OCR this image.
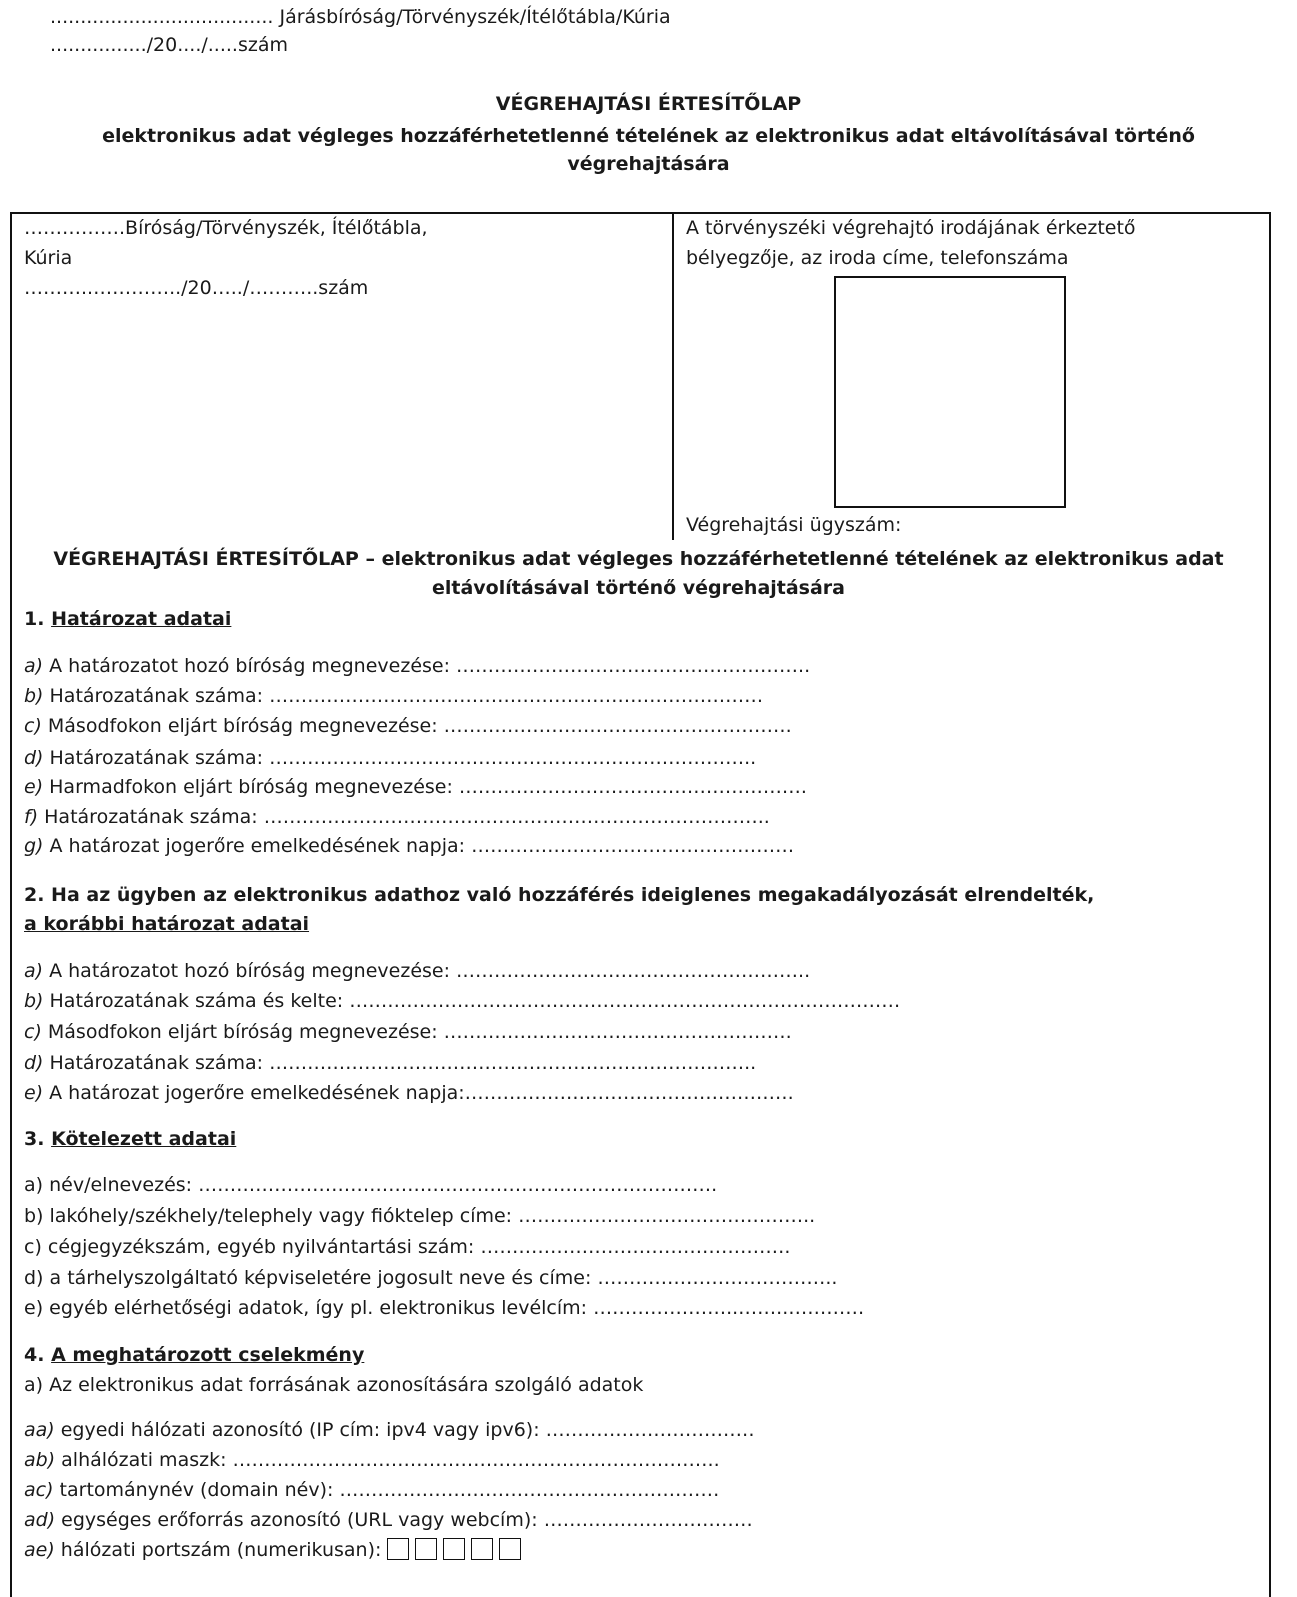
..................................... Járásbíróság/Törvényszék/Ítélőtábla/Kúria
................/20..../.....szám
VÉGREHAJTÁSI ÉRTESÍTŐLAP
elektronikus adat végleges hozzáférhetetlenné tételének az elektronikus adat eltávolításával történő
végrehajtására
…………….Bíróság/Törvényszék, Ítélőtábla,
Kúria
………..…………../20…../………..szám
A törvényszéki végrehajtó irodájának érkeztető
bélyegzője, az iroda címe, telefonszáma
Végrehajtási ügyszám:
VÉGREHAJTÁSI ÉRTESÍTŐLAP – elektronikus adat végleges hozzáférhetetlenné tételének az elektronikus adat
eltávolításával történő végrehajtására
1. Határozat adatai
a) A határozatot hozó bíróság megnevezése: ………………………………………………..
b) Határozatának száma: ……………………………………………………………………
c) Másodfokon eljárt bíróság megnevezése: ……………………………………………….
d) Határozatának száma: …………………………………………………………………..
e) Harmadfokon eljárt bíróság megnevezése: ……………………………………………….
f) Határozatának száma: ……………………………………………………………………..
g) A határozat jogerőre emelkedésének napja: ……………………………………………
2. Ha az ügyben az elektronikus adathoz való hozzáférés ideiglenes megakadályozását elrendelték,
a korábbi határozat adatai
a) A határozatot hozó bíróság megnevezése: ………………………………………………..
b) Határozatának száma és kelte: ……………………………………………………………………………
c) Másodfokon eljárt bíróság megnevezése: ……………………………………………….
d) Határozatának száma: …………………………………………………………………..
e) A határozat jogerőre emelkedésének napja:…………………………………………….
3. Kötelezett adatai
a) név/elnevezés: ……………………………………………………………………….
b) lakóhely/székhely/telephely vagy fióktelep címe: ………………………………………..
c) cégjegyzékszám, egyéb nyilvántartási szám: ………………………………………….
d) a tárhelyszolgáltató képviseletére jogosult neve és címe: ………………………………..
e) egyéb elérhetőségi adatok, így pl. elektronikus levélcím: …………………..……..…………
4. A meghatározott cselekmény
a) Az elektronikus adat forrásának azonosítására szolgáló adatok
aa) egyedi hálózati azonosító (IP cím: ipv4 vagy ipv6): ……………………………
ab) alhálózati maszk: …………………………………………………………………..
ac) tartománynév (domain név): ……………………………………………………
ad) egységes erőforrás azonosító (URL vagy webcím): ……………………………
ae) hálózati portszám (numerikusan):
